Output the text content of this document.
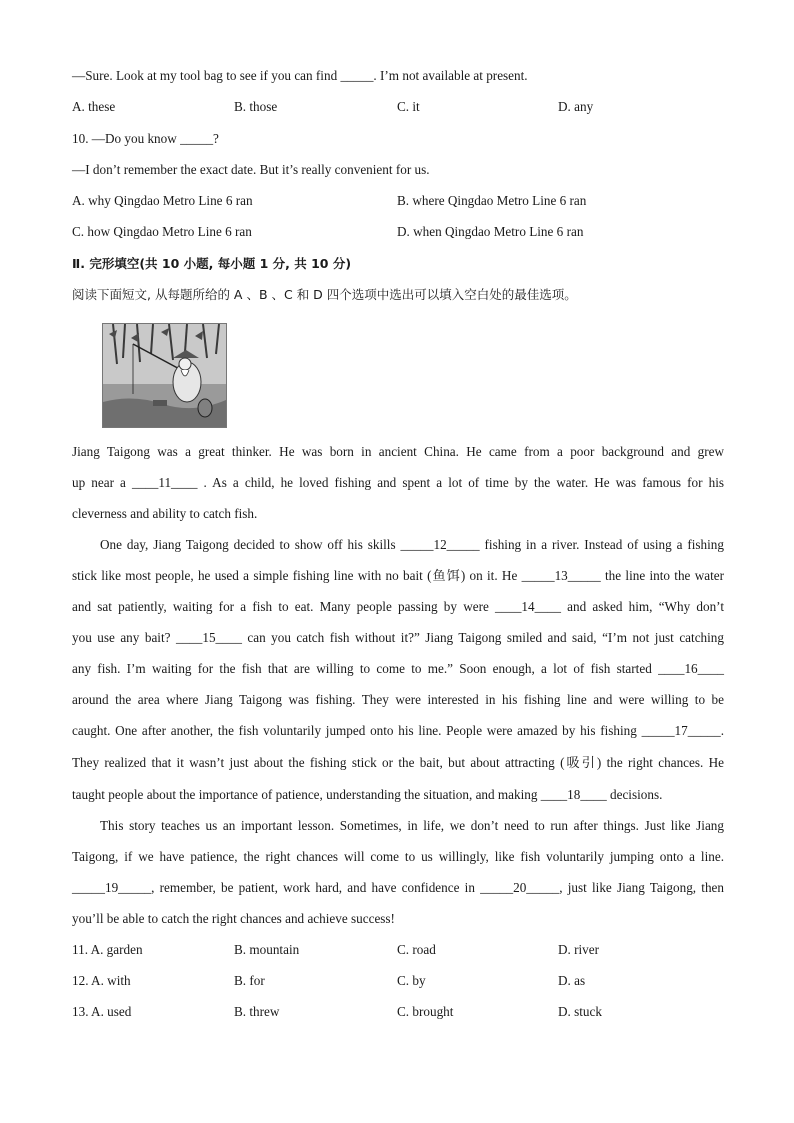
—Sure. Look at my tool bag to see if you can find _____. I’m not available at present.
A. these	B. those	C. it	D. any
10. —Do you know _____?
—I don’t remember the exact date. But it’s really convenient for us.
A. why Qingdao Metro Line 6 ran	B. where Qingdao Metro Line 6 ran
C. how Qingdao Metro Line 6 ran	D. when Qingdao Metro Line 6 ran
Ⅱ. 完形填空(共 10 小题, 每小题 1 分, 共 10 分)
阅读下面短文, 从每题所给的 A 、B 、C 和 D 四个选项中选出可以填入空白处的最佳选项。
Jiang Taigong was a great thinker. He was born in ancient China. He came from a poor background and grew
up near a ____11____ . As a child, he loved fishing and spent a lot of time by the water. He was famous for his
cleverness and ability to catch fish.
One day, Jiang Taigong decided to show off his skills _____12_____ fishing in a river. Instead of using a fishing
stick like most people, he used a simple fishing line with no bait (鱼饵) on it. He _____13_____ the line into the water
and sat patiently, waiting for a fish to eat. Many people passing by were ____14____ and asked him, “Why don’t
you use any bait? ____15____ can you catch fish without it?” Jiang Taigong smiled and said, “I’m not just catching
any fish. I’m waiting for the fish that are willing to come to me.” Soon enough, a lot of fish started ____16____
around the area where Jiang Taigong was fishing. They were interested in his fishing line and were willing to be
caught. One after another, the fish voluntarily jumped onto his line. People were amazed by his fishing _____17_____.
They realized that it wasn’t just about the fishing stick or the bait, but about attracting (吸引) the right chances. He
taught people about the importance of patience, understanding the situation, and making ____18____ decisions.
This story teaches us an important lesson. Sometimes, in life, we don’t need to run after things. Just like Jiang
Taigong, if we have patience, the right chances will come to us willingly, like fish voluntarily jumping onto a line.
_____19_____, remember, be patient, work hard, and have confidence in _____20_____, just like Jiang Taigong, then
you’ll be able to catch the right chances and achieve success!
11. A. garden	B. mountain	C. road	D. river
12. A. with	B. for	C. by	D. as
13. A. used	B. threw	C. brought	D. stuck
